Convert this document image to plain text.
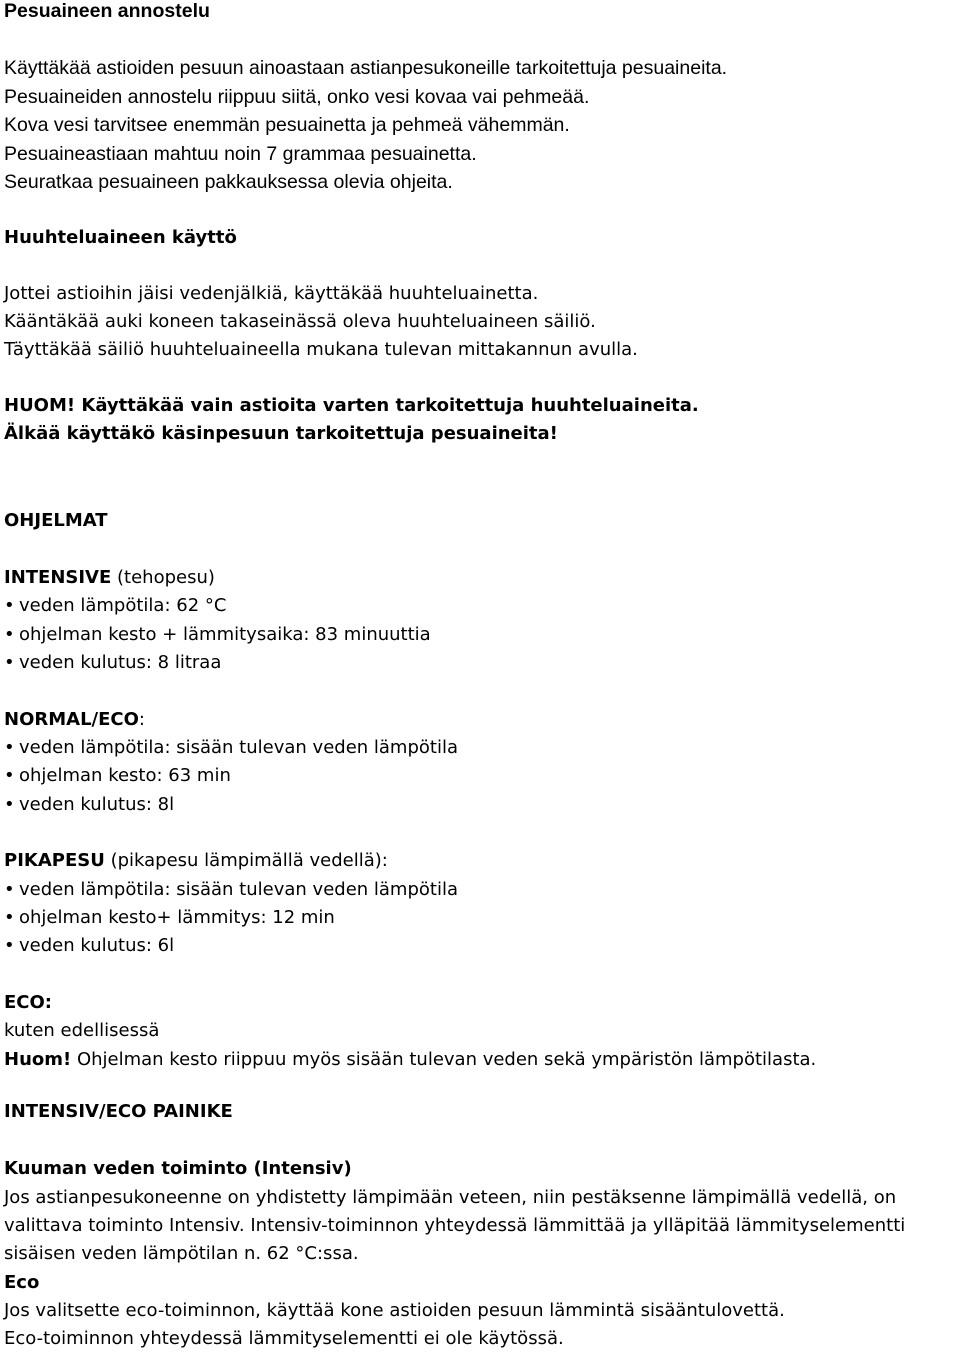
Pesuaineen annostelu
Käyttäkää astioiden pesuun ainoastaan astianpesukoneille tarkoitettuja pesuaineita.
Pesuaineiden annostelu riippuu siitä, onko vesi kovaa vai pehmeää.
Kova vesi tarvitsee enemmän pesuainetta ja pehmeä vähemmän.
Pesuaineastiaan mahtuu noin 7 grammaa pesuainetta.
Seuratkaa pesuaineen pakkauksessa olevia ohjeita.
Huuhteluaineen käyttö
Jottei astioihin jäisi vedenjälkiä, käyttäkää huuhteluainetta.
Kääntäkää auki koneen takaseinässä oleva huuhteluaineen säiliö.
Täyttäkää säiliö huuhteluaineella mukana tulevan mittakannun avulla.
HUOM! Käyttäkää vain astioita varten tarkoitettuja huuhteluaineita.
Älkää käyttäkö käsinpesuun tarkoitettuja pesuaineita!
OHJELMAT
INTENSIVE (tehopesu)
• veden lämpötila: 62 °C
• ohjelman kesto + lämmitysaika: 83 minuuttia
• veden kulutus: 8 litraa
NORMAL/ECO:
• veden lämpötila: sisään tulevan veden lämpötila
• ohjelman kesto: 63 min
• veden kulutus: 8l
PIKAPESU (pikapesu lämpimällä vedellä):
• veden lämpötila: sisään tulevan veden lämpötila
• ohjelman kesto+ lämmitys: 12 min
• veden kulutus: 6l
ECO:
kuten edellisessä
Huom! Ohjelman kesto riippuu myös sisään tulevan veden sekä ympäristön lämpötilasta.
INTENSIV/ECO PAINIKE
Kuuman veden toiminto (Intensiv)
Jos astianpesukoneenne on yhdistetty lämpimään veteen, niin pestäksenne lämpimällä vedellä, on
valittava toiminto Intensiv. Intensiv-toiminnon yhteydessä lämmittää ja ylläpitää lämmityselementti
sisäisen veden lämpötilan n. 62 °C:ssa.
Eco
Jos valitsette eco-toiminnon, käyttää kone astioiden pesuun lämmintä sisääntulovettä.
Eco-toiminnon yhteydessä lämmityselementti ei ole käytössä.
